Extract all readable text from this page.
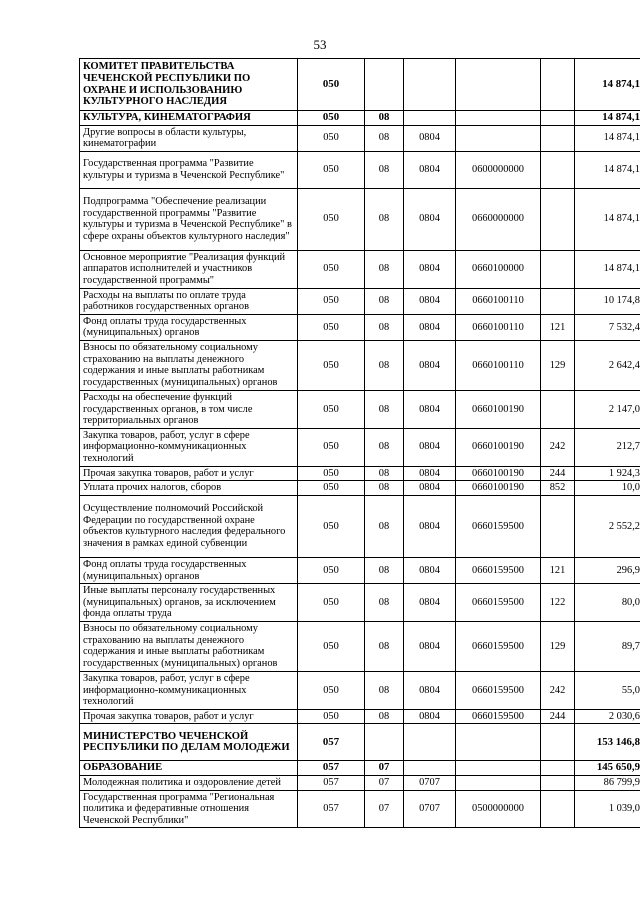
53
КОМИТЕТ ПРАВИТЕЛЬСТВА ЧЕЧЕНСКОЙ РЕСПУБЛИКИ ПО ОХРАНЕ И ИСПОЛЬЗОВАНИЮ КУЛЬТУРНОГО НАСЛЕДИЯ	050					14 874,1
КУЛЬТУРА, КИНЕМАТОГРАФИЯ	050	08				14 874,1
Другие вопросы в области культуры, кинематографии	050	08	0804			14 874,1
Государственная программа "Развитие культуры и туризма в Чеченской Республике"	050	08	0804	0600000000		14 874,1
Подпрограмма "Обеспечение реализации государственной программы "Развитие культуры и туризма в Чеченской Республике" в сфере охраны объектов культурного наследия"	050	08	0804	0660000000		14 874,1
Основное мероприятие "Реализация функций аппаратов исполнителей и участников государственной программы"	050	08	0804	0660100000		14 874,1
Расходы на выплаты по оплате труда работников государственных органов	050	08	0804	0660100110		10 174,8
Фонд оплаты труда государственных (муниципальных) органов	050	08	0804	0660100110	121	7 532,4
Взносы по обязательному социальному страхованию на выплаты денежного содержания и иные выплаты работникам государственных (муниципальных) органов	050	08	0804	0660100110	129	2 642,4
Расходы на обеспечение функций государственных органов, в том числе территориальных органов	050	08	0804	0660100190		2 147,0
Закупка товаров, работ, услуг в сфере информационно-коммуникационных технологий	050	08	0804	0660100190	242	212,7
Прочая закупка товаров, работ и услуг	050	08	0804	0660100190	244	1 924,3
Уплата прочих налогов, сборов	050	08	0804	0660100190	852	10,0
Осуществление полномочий Российской Федерации по государственной охране объектов культурного наследия федерального значения в рамках единой субвенции	050	08	0804	0660159500		2 552,2
Фонд оплаты труда государственных (муниципальных) органов	050	08	0804	0660159500	121	296,9
Иные выплаты персоналу государственных (муниципальных) органов, за исключением фонда оплаты труда	050	08	0804	0660159500	122	80,0
Взносы по обязательному социальному страхованию на выплаты денежного содержания и иные выплаты работникам государственных (муниципальных) органов	050	08	0804	0660159500	129	89,7
Закупка товаров, работ, услуг в сфере информационно-коммуникационных технологий	050	08	0804	0660159500	242	55,0
Прочая закупка товаров, работ и услуг	050	08	0804	0660159500	244	2 030,6
МИНИСТЕРСТВО ЧЕЧЕНСКОЙ РЕСПУБЛИКИ ПО ДЕЛАМ МОЛОДЕЖИ	057					153 146,8
ОБРАЗОВАНИЕ	057	07				145 650,9
Молодежная политика и оздоровление детей	057	07	0707			86 799,9
Государственная программа "Региональная политика и федеративные отношения Чеченской Республики"	057	07	0707	0500000000		1 039,0
